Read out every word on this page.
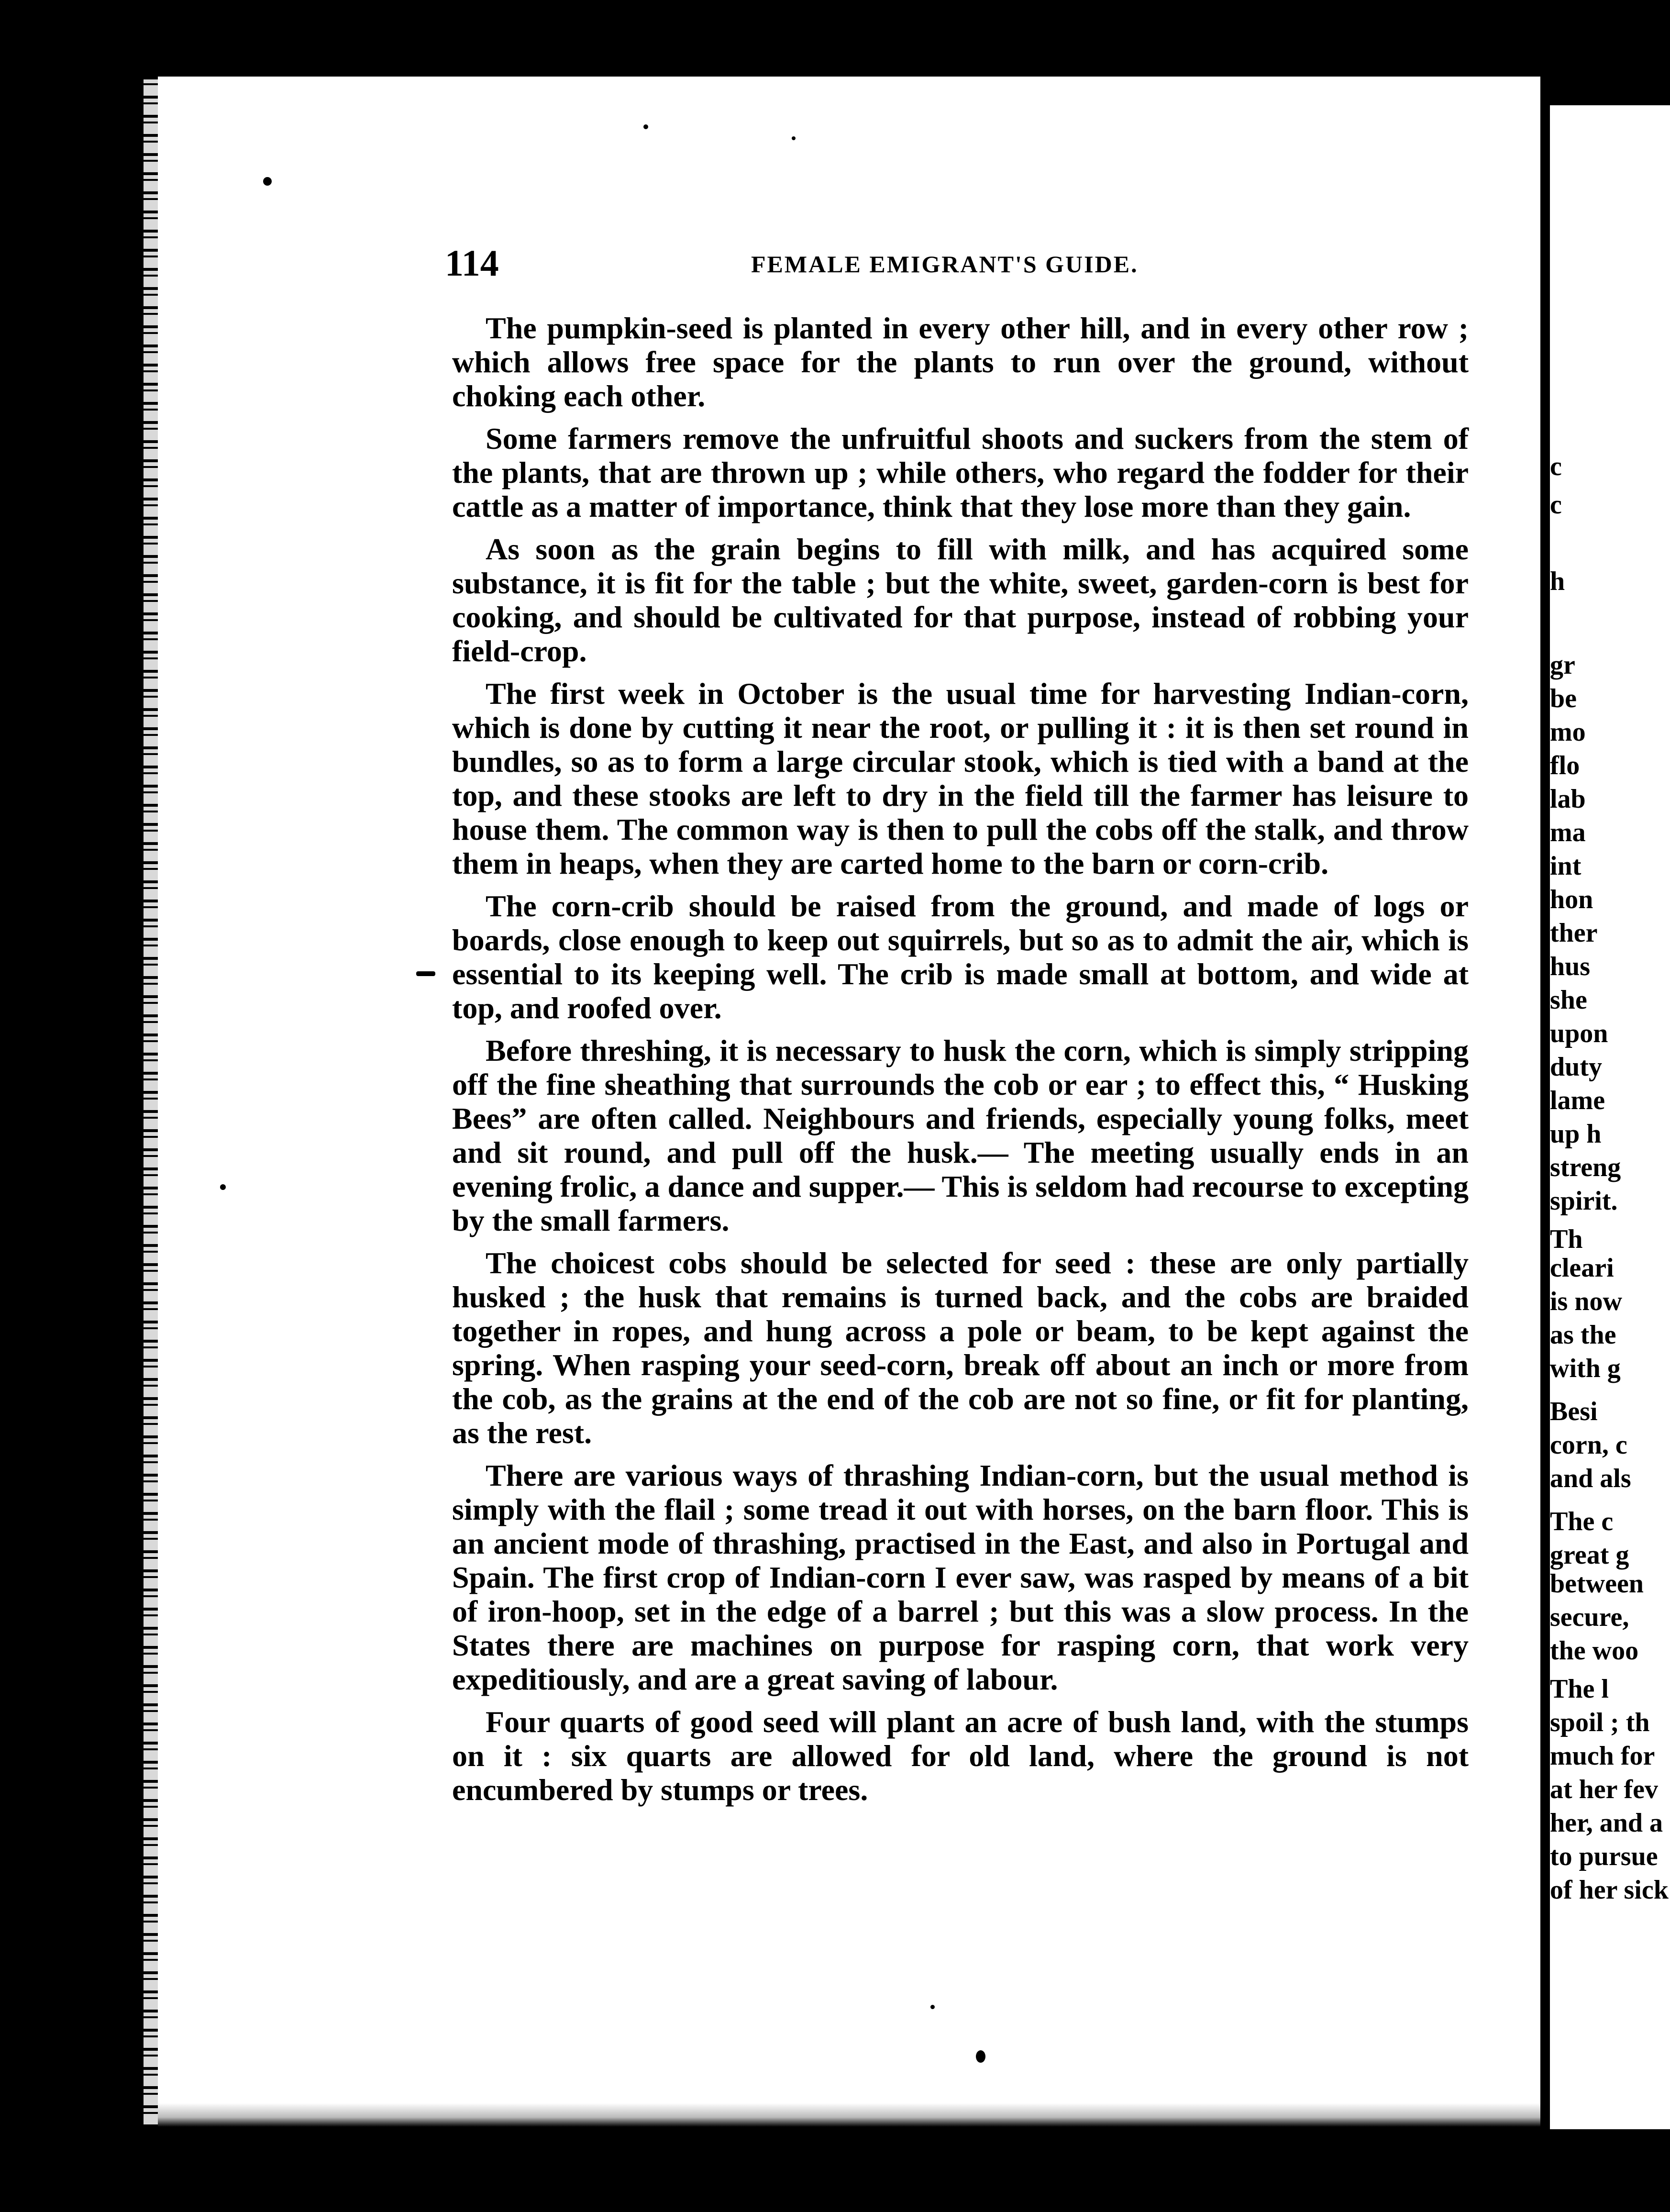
c
c
h
gr
be
mo
flo
lab
ma
int
hon
ther
hus
she
upon
duty
lame
up h
streng
spirit.
Th
cleari
is now
as the
with g
Besi
corn, c
and als
The c
great g
between
secure,
the woo
The l
spoil ; th
much for
at her fev
her, and a
to pursue
of her sick
114	FEMALE EMIGRANT'S GUIDE.

The pumpkin-seed is planted in every other hill, and in every other row ; which allows free space for the plants to run over the ground, without choking each other.

Some farmers remove the unfruitful shoots and suckers from the stem of the plants, that are thrown up ; while others, who regard the fodder for their cattle as a matter of importance, think that they lose more than they gain.

As soon as the grain begins to fill with milk, and has acquired some substance, it is fit for the table ; but the white, sweet, garden-corn is best for cooking, and should be cultivated for that purpose, instead of robbing your field-crop.

The first week in October is the usual time for harvesting Indian-corn, which is done by cutting it near the root, or pulling it : it is then set round in bundles, so as to form a large circular stook, which is tied with a band at the top, and these stooks are left to dry in the field till the farmer has leisure to house them. The common way is then to pull the cobs off the stalk, and throw them in heaps, when they are carted home to the barn or corn-crib.

The corn-crib should be raised from the ground, and made of logs or boards, close enough to keep out squirrels, but so as to admit the air, which is essential to its keeping well. The crib is made small at bottom, and wide at top, and roofed over.

Before threshing, it is necessary to husk the corn, which is simply stripping off the fine sheathing that surrounds the cob or ear ; to effect this, “ Husking Bees” are often called. Neighbours and friends, especially young folks, meet and sit round, and pull off the husk.— The meeting usually ends in an evening frolic, a dance and supper.— This is seldom had recourse to excepting by the small farmers.

The choicest cobs should be selected for seed : these are only partially husked ; the husk that remains is turned back, and the cobs are braided together in ropes, and hung across a pole or beam, to be kept against the spring. When rasping your seed-corn, break off about an inch or more from the cob, as the grains at the end of the cob are not so fine, or fit for planting, as the rest.

There are various ways of thrashing Indian-corn, but the usual method is simply with the flail ; some tread it out with horses, on the barn floor. This is an ancient mode of thrashing, practised in the East, and also in Portugal and Spain. The first crop of Indian-corn I ever saw, was rasped by means of a bit of iron-hoop, set in the edge of a barrel ; but this was a slow process. In the States there are machines on purpose for rasping corn, that work very expeditiously, and are a great saving of labour.

Four quarts of good seed will plant an acre of bush land, with the stumps on it : six quarts are allowed for old land, where the ground is not encumbered by stumps or trees.
